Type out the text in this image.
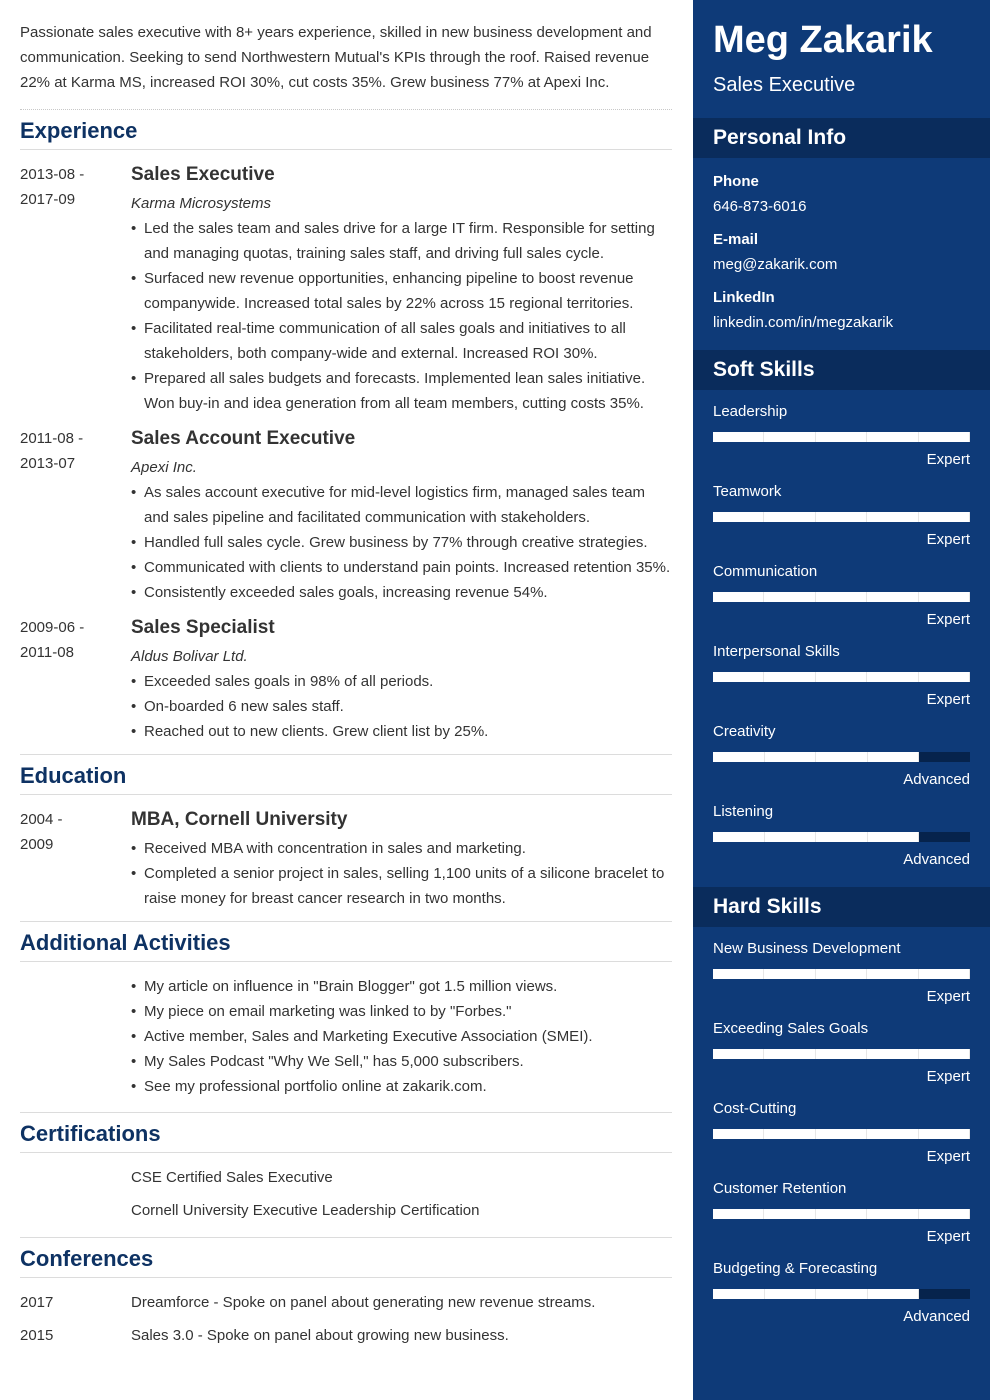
Passionate sales executive with 8+ years experience, skilled in new business development and communication. Seeking to send Northwestern Mutual's KPIs through the roof. Raised revenue 22% at Karma MS, increased ROI 30%, cut costs 35%. Grew business 77% at Apexi Inc.

Experience
2013-08 -
2017-09
Sales Executive
Karma Microsystems
• Led the sales team and sales drive for a large IT firm. Responsible for setting and managing quotas, training sales staff, and driving full sales cycle.
• Surfaced new revenue opportunities, enhancing pipeline to boost revenue companywide. Increased total sales by 22% across 15 regional territories.
• Facilitated real-time communication of all sales goals and initiatives to all stakeholders, both company-wide and external. Increased ROI 30%.
• Prepared all sales budgets and forecasts. Implemented lean sales initiative. Won buy-in and idea generation from all team members, cutting costs 35%.
2011-08 -
2013-07
Sales Account Executive
Apexi Inc.
• As sales account executive for mid-level logistics firm, managed sales team and sales pipeline and facilitated communication with stakeholders.
• Handled full sales cycle. Grew business by 77% through creative strategies.
• Communicated with clients to understand pain points. Increased retention 35%.
• Consistently exceeded sales goals, increasing revenue 54%.
2009-06 -
2011-08
Sales Specialist
Aldus Bolivar Ltd.
• Exceeded sales goals in 98% of all periods.
• On-boarded 6 new sales staff.
• Reached out to new clients. Grew client list by 25%.
Education
2004 -
2009
MBA, Cornell University
• Received MBA with concentration in sales and marketing.
• Completed a senior project in sales, selling 1,100 units of a silicone bracelet to raise money for breast cancer research in two months.
Additional Activities
• My article on influence in "Brain Blogger" got 1.5 million views.
• My piece on email marketing was linked to by "Forbes."
• Active member, Sales and Marketing Executive Association (SMEI).
• My Sales Podcast "Why We Sell," has 5,000 subscribers.
• See my professional portfolio online at zakarik.com.
Certifications
CSE Certified Sales Executive
Cornell University Executive Leadership Certification
Conferences
2017	Dreamforce - Spoke on panel about generating new revenue streams.
2015	Sales 3.0 - Spoke on panel about growing new business.
Meg Zakarik
Sales Executive
Personal Info
Phone
646-873-6016
E-mail
meg@zakarik.com
LinkedIn
linkedin.com/in/megzakarik
Soft Skills
Leadership
Expert
Teamwork
Expert
Communication
Expert
Interpersonal Skills
Expert
Creativity
Advanced
Listening
Advanced
Hard Skills
New Business Development
Expert
Exceeding Sales Goals
Expert
Cost-Cutting
Expert
Customer Retention
Expert
Budgeting & Forecasting
Advanced
